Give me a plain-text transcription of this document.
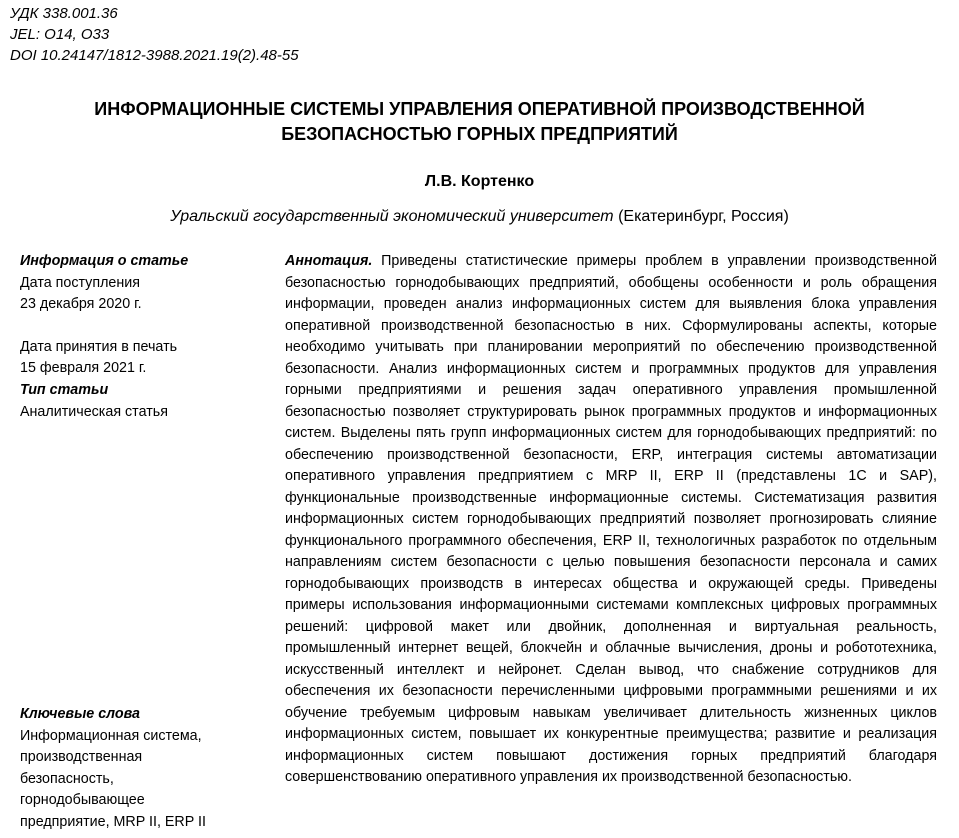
УДК 338.001.36
JEL: O14, O33
DOI 10.24147/1812-3988.2021.19(2).48-55
ИНФОРМАЦИОННЫЕ СИСТЕМЫ УПРАВЛЕНИЯ ОПЕРАТИВНОЙ ПРОИЗВОДСТВЕННОЙ БЕЗОПАСНОСТЬЮ ГОРНЫХ ПРЕДПРИЯТИЙ
Л.В. Кортенко
Уральский государственный экономический университет (Екатеринбург, Россия)
Информация о статье
Дата поступления
23 декабря 2020 г.
Дата принятия в печать
15 февраля 2021 г.
Тип статьи
Аналитическая статья
Ключевые слова
Информационная система, производственная безопасность, горнодобывающее предприятие, MRP II, ERP II
Аннотация. Приведены статистические примеры проблем в управлении производственной безопасностью горнодобывающих предприятий, обобщены особенности и роль обращения информации, проведен анализ информационных систем для выявления блока управления оперативной производственной безопасностью в них. Сформулированы аспекты, которые необходимо учитывать при планировании мероприятий по обеспечению производственной безопасности. Анализ информационных систем и программных продуктов для управления горными предприятиями и решения задач оперативного управления промышленной безопасностью позволяет структурировать рынок программных продуктов и информационных систем. Выделены пять групп информационных систем для горнодобывающих предприятий: по обеспечению производственной безопасности, ERP, интеграция системы автоматизации оперативного управления предприятием с MRP II, ERP II (представлены 1С и SAP), функциональные производственные информационные системы. Систематизация развития информационных систем горнодобывающих предприятий позволяет прогнозировать слияние функционального программного обеспечения, ERP II, технологичных разработок по отдельным направлениям систем безопасности с целью повышения безопасности персонала и самих горнодобывающих производств в интересах общества и окружающей среды. Приведены примеры использования информационными системами комплексных цифровых программных решений: цифровой макет или двойник, дополненная и виртуальная реальность, промышленный интернет вещей, блокчейн и облачные вычисления, дроны и робототехника, искусственный интеллект и нейронет. Сделан вывод, что снабжение сотрудников для обеспечения их безопасности перечисленными цифровыми программными решениями и их обучение требуемым цифровым навыкам увеличивает длительность жизненных циклов информационных систем, повышает их конкурентные преимущества; развитие и реализация информационных систем повышают достижения горных предприятий благодаря совершенствованию оперативного управления их производственной безопасностью.
